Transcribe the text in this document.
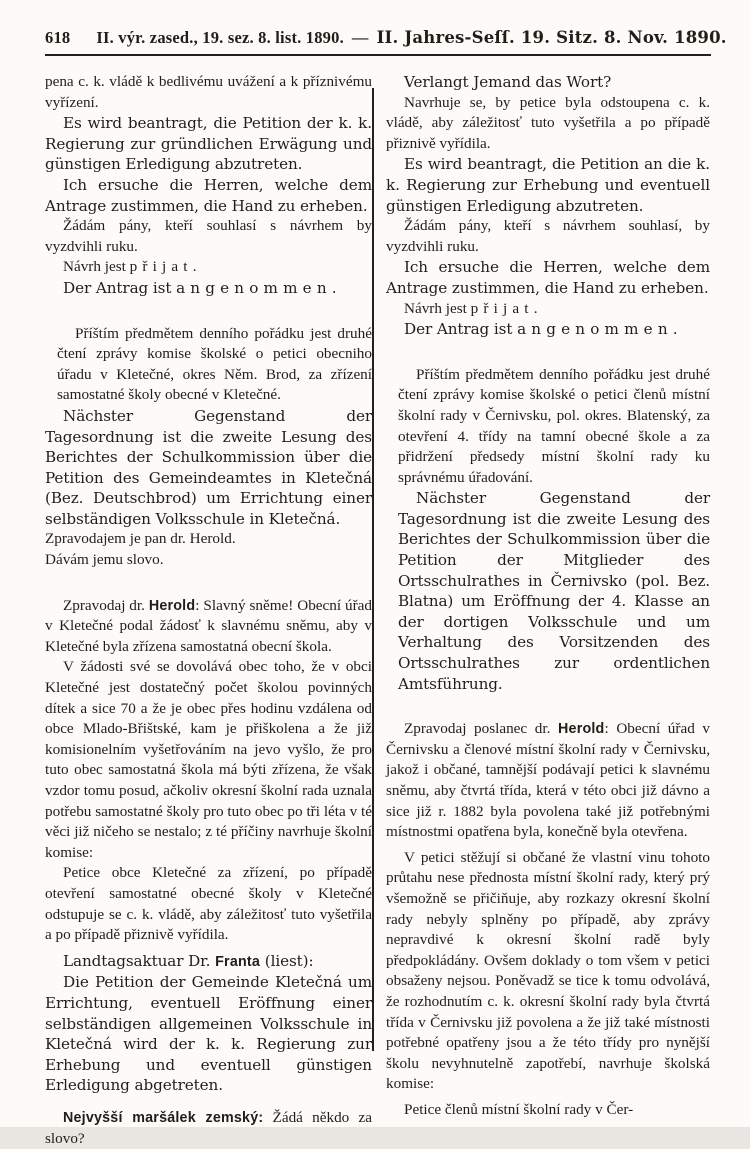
618 II. výr. zased., 19. sez. 8. list. 1890. — II. Jahres-Seſſ. 19. Sitz. 8. Nov. 1890.

pena c. k. vládě k bedlivému uvážení a k příznivému vyřízení.

Es wird beantragt, die Petition der k. k. Regierung zur gründlichen Erwägung und günstigen Erledigung abzutreten.

Ich ersuche die Herren, welche dem Antrage zustimmen, die Hand zu erheben.

Žádám pány, kteří souhlasí s návrhem by vyzdvihli ruku.

Návrh jest přijat.

Der Antrag ist angenommen.

Příštím předmětem denního pořádku jest druhé čtení zprávy komise školské o petici obecniho úřadu v Kletečné, okres Něm. Brod, za zřízení samostatné školy obecné v Kletečné.

Nächster Gegenstand der Tagesordnung ist die zweite Lesung des Berichtes der Schulkommission über die Petition des Gemeindeamtes in Kletečná (Bez. Deutschbrod) um Errichtung einer selbständigen Volksschule in Kletečná.

Zpravodajem je pan dr. Herold.

Dávám jemu slovo.

Zpravodaj dr. Herold: Slavný sněme! Obecní úřad v Kletečné podal žádosť k slavnému sněmu, aby v Kletečné byla zřízena samostatná obecní škola.

V žádosti své se dovolává obec toho, že v obci Kletečné jest dostatečný počet školou povinných dítek a sice 70 a že je obec přes hodinu vzdálena od obce Mlado-Břištské, kam je přiškolena a že již komisionelním vyšetřováním na jevo vyšlo, že pro tuto obec samostatná škola má býti zřízena, že však vzdor tomu posud, ačkoliv okresní školní rada uznala potřebu samostatné školy pro tuto obec po tři léta v té věci již ničeho se nestalo; z té příčiny navrhuje školní komise:

Petice obce Kletečné za zřízení, po případě otevření samostatné obecné školy v Kletečné odstupuje se c. k. vládě, aby záležitosť tuto vyšetřila a po případě přiznivě vyřídila.

Landtagsaktuar Dr. Franta (liest):

Die Petition der Gemeinde Kletečná um Errichtung, eventuell Eröffnung einer selbständigen allgemeinen Volksschule in Kletečná wird der k. k. Regierung zur Erhebung und eventuell günstigen Erledigung abgetreten.

Nejvyšší maršálek zemský: Žádá někdo za slovo?

Verlangt Jemand das Wort?

Navrhuje se, by petice byla odstoupena c. k. vládě, aby záležitosť tuto vyšetřila a po případě přiznivě vyřídila.

Es wird beantragt, die Petition an die k. k. Regierung zur Erhebung und eventuell günstigen Erledigung abzutreten.

Žádám pány, kteří s návrhem souhlasí, by vyzdvihli ruku.

Ich ersuche die Herren, welche dem Antrage zustimmen, die Hand zu erheben.

Návrh jest přijat.

Der Antrag ist angenommen.

Příštím předmětem denního pořádku jest druhé čtení zprávy komise školské o petici členů místní školní rady v Černivsku, pol. okres. Blatenský, za otevření 4. třídy na tamní obecné škole a za přidržení předsedy místní školní rady ku správnému úřadování.

Nächster Gegenstand der Tagesordnung ist die zweite Lesung des Berichtes der Schulkommission über die Petition der Mitglieder des Ortsschulrathes in Černivsko (pol. Bez. Blatna) um Eröffnung der 4. Klasse an der dortigen Volksschule und um Verhaltung des Vorsitzenden des Ortsschulrathes zur ordentlichen Amtsführung.

Zpravodaj poslanec dr. Herold: Obecní úřad v Černivsku a členové místní školní rady v Černivsku, jakož i občané, tamnější podávají petici k slavnému sněmu, aby čtvrtá třída, která v této obci již dávno a sice již r. 1882 byla povolena také již potřebnými místnostmi opatřena byla, konečně byla otevřena.

V petici stěžují si občané že vlastní vinu tohoto průtahu nese přednosta místní školní rady, který prý všemožně se přičiňuje, aby rozkazy okresní školní rady nebyly splněny po případě, aby zprávy nepravdivé k okresní školní radě byly předpokládány. Ovšem doklady o tom všem v petici obsaženy nejsou. Poněvadž se tice k tomu odvolává, že rozhodnutím c. k. okresní školní rady byla čtvrtá třída v Černivsku již povolena a že již také místnosti potřebné opatřeny jsou a že této třídy pro nynější školu nevyhnutelně zapotřebí, navrhuje školská komise:

Petice členů místní školní rady v Čer-
